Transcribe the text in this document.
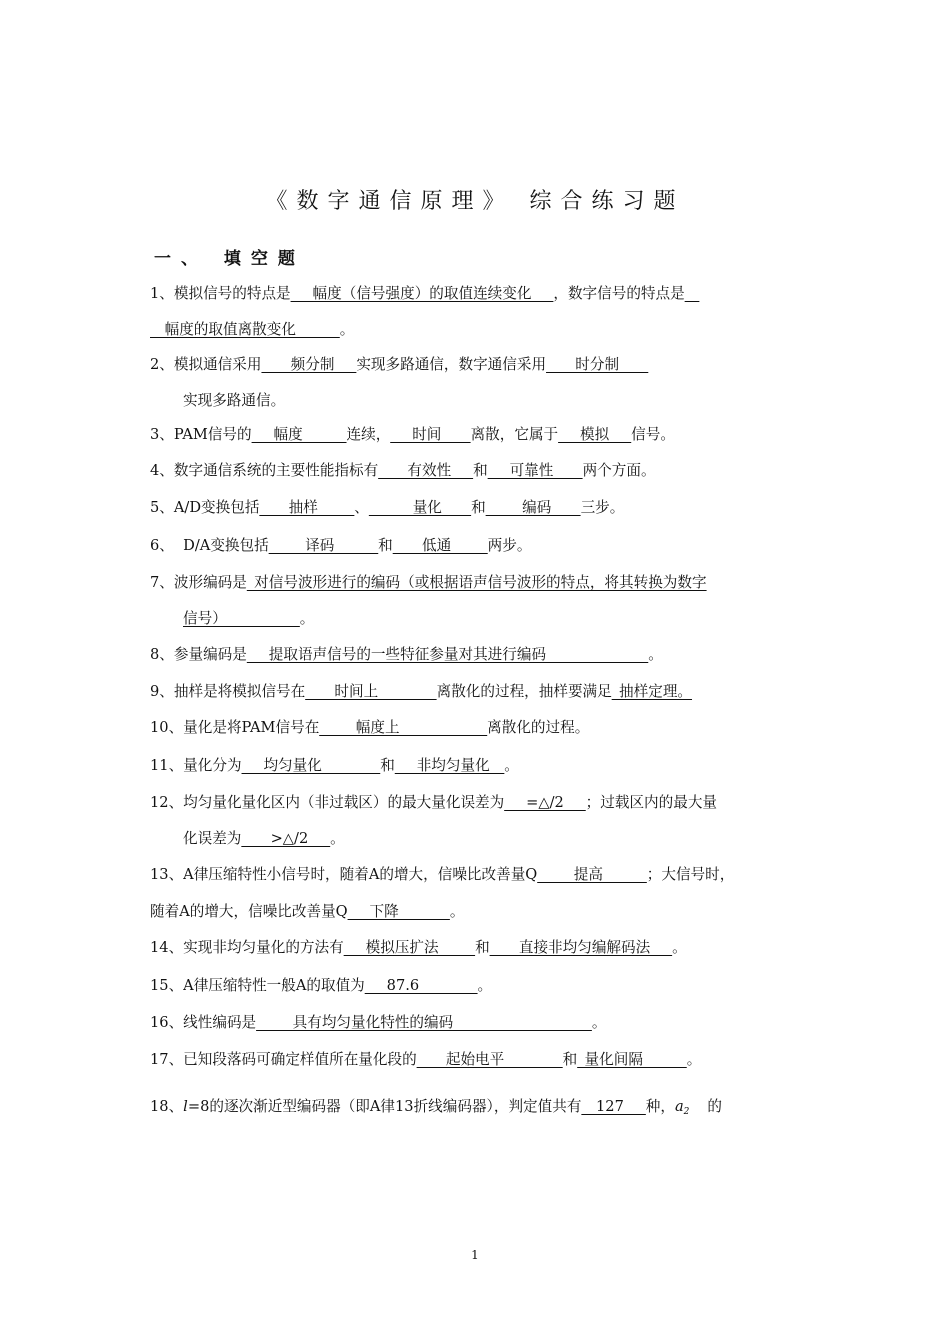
《数字通信原理》 综合练习题
一、 填空题
1、模拟信号的特点是___幅度（信号强度）的取值连续变化___，数字信号的特点是__
__幅度的取值离散变化______。
2、模拟通信采用____频分制___实现多路通信，数字通信采用____时分制____
实现多路通信。
3、PAM信号的___幅度______连续，___时间____离散，它属于___模拟___信号。
4、数字通信系统的主要性能指标有____有效性___和___可靠性____两个方面。
5、A/D变换包括____抽样_____、______量化____和_____编码____三步。
6、  D/A变换包括_____译码______和____低通_____两步。
7、波形编码是_对信号波形进行的编码（或根据语声信号波形的特点，将其转换为数字
信号）__________。
8、参量编码是___提取语声信号的一些特征参量对其进行编码______________。
9、抽样是将模拟信号在____时间上________离散化的过程，抽样要满足_抽样定理。
10、量化是将PAM信号在_____幅度上____________离散化的过程。
11、量化分为___均匀量化________和___非均匀量化__。
12、均匀量化量化区内（非过载区）的最大量化误差为___=△/2___；过载区内的最大量
化误差为____>△/2___。
13、A律压缩特性小信号时，随着A的增大，信噪比改善量Q_____提高______；大信号时，
随着A的增大，信噪比改善量Q___下降_______。
14、实现非均匀量化的方法有___模拟压扩法_____和____直接非均匀编解码法___。
15、A律压缩特性一般A的取值为___87.6________。
16、线性编码是_____具有均匀量化特性的编码___________________。
17、已知段落码可确定样值所在量化段的____起始电平________和_量化间隔______。
18、l=8的逐次渐近型编码器（即A律13折线编码器），判定值共有__127___种，$a_2$ 的
1
